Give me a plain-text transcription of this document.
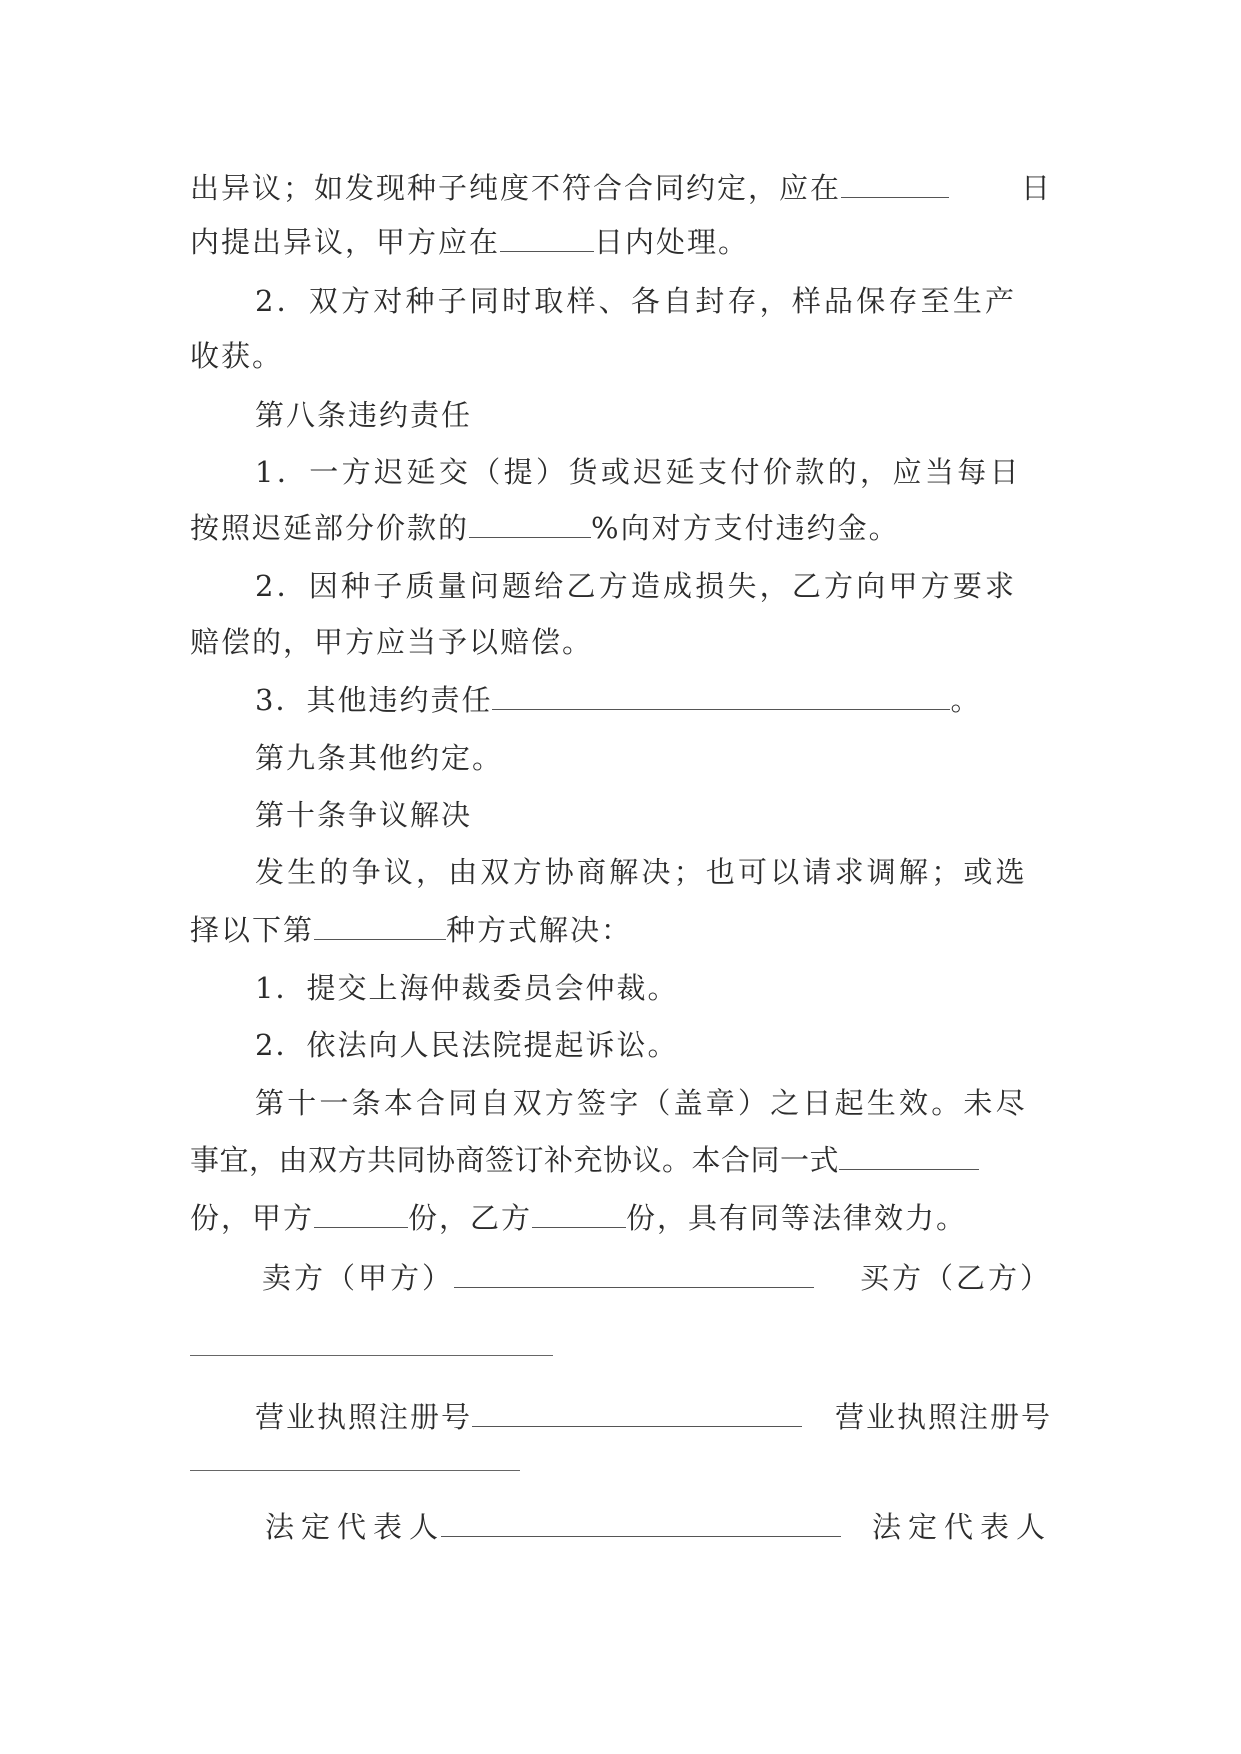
出异议；如发现种子纯度不符合合同约定，应在	日
内提出异议，甲方应在	日内处理。
2．双方对种子同时取样、各自封存，样品保存至生产
收获。
第八条违约责任
1．一方迟延交（提）货或迟延支付价款的，应当每日
按照迟延部分价款的	%向对方支付违约金。
2．因种子质量问题给乙方造成损失，乙方向甲方要求
赔偿的，甲方应当予以赔偿。
3．其他违约责任	。
第九条其他约定。
第十条争议解决
发生的争议，由双方协商解决；也可以请求调解；或选
择以下第	种方式解决：
1．提交上海仲裁委员会仲裁。
2．依法向人民法院提起诉讼。
第十一条本合同自双方签字（盖章）之日起生效。未尽
事宜，由双方共同协商签订补充协议。本合同一式
份，甲方	份，乙方	份，具有同等法律效力。
卖方（甲方）	买方（乙方）
营业执照注册号	营业执照注册号
法定代表人	法定代表人
